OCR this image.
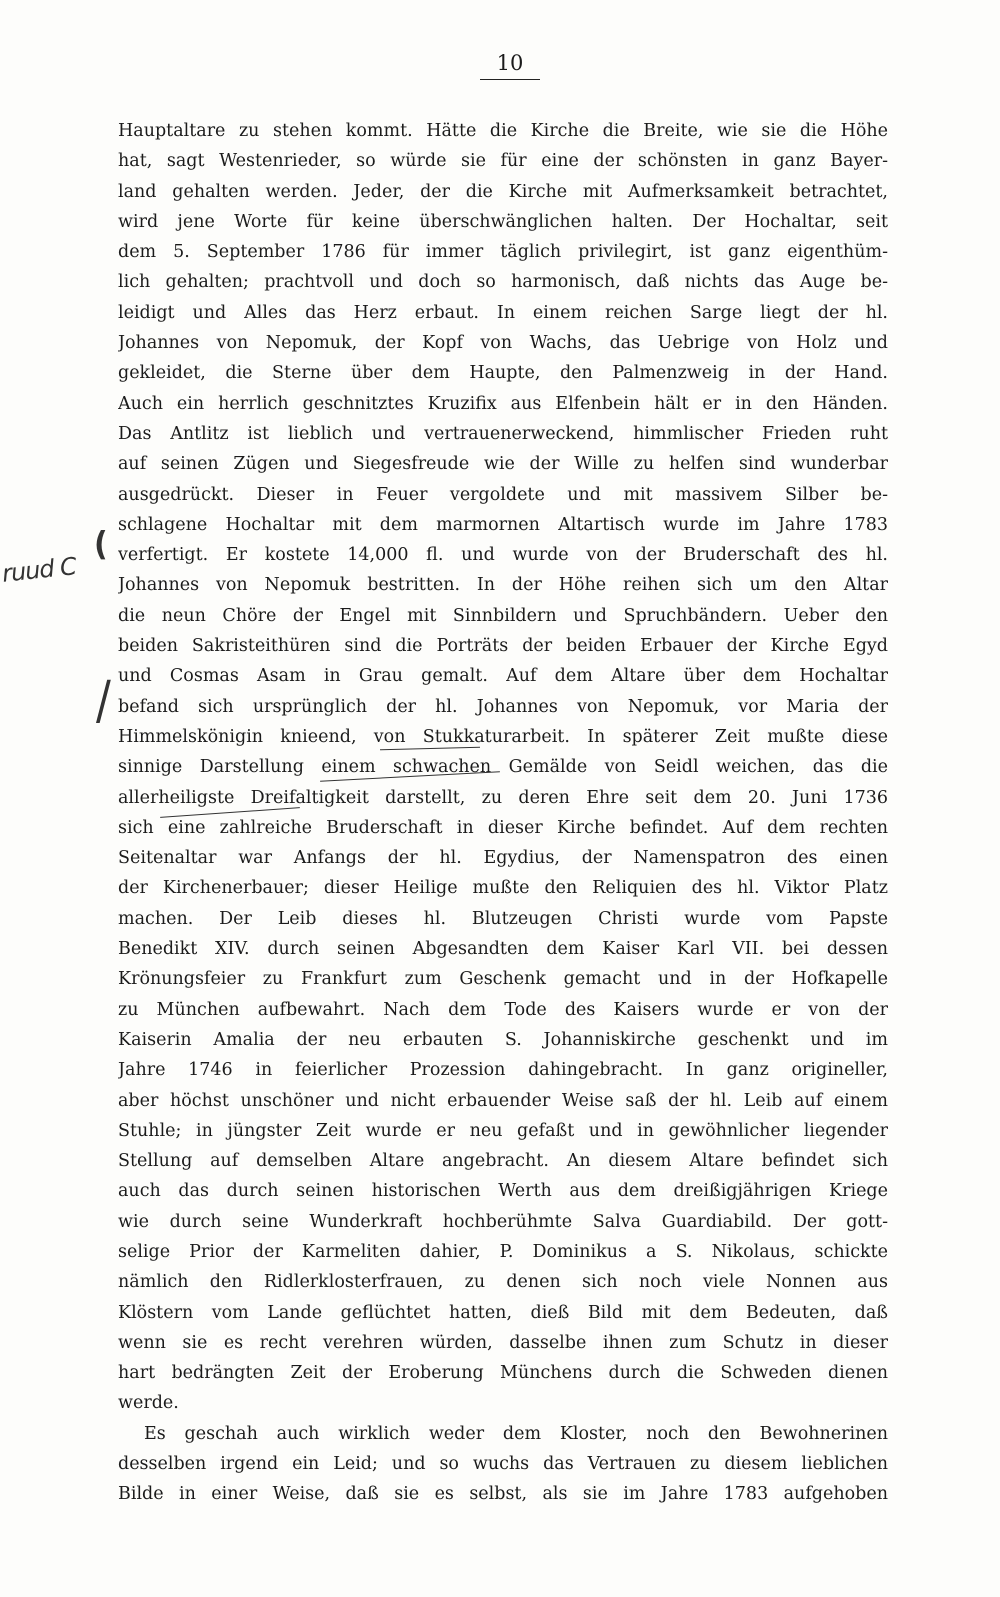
10
Hauptaltare zu stehen kommt. Hätte die Kirche die Breite, wie sie die Höhe
hat, sagt Westenrieder, so würde sie für eine der schönsten in ganz Bayer-
land gehalten werden. Jeder, der die Kirche mit Aufmerksamkeit betrachtet,
wird jene Worte für keine überschwänglichen halten. Der Hochaltar, seit
dem 5. September 1786 für immer täglich privilegirt, ist ganz eigenthüm-
lich gehalten; prachtvoll und doch so harmonisch, daß nichts das Auge be-
leidigt und Alles das Herz erbaut. In einem reichen Sarge liegt der hl.
Johannes von Nepomuk, der Kopf von Wachs, das Uebrige von Holz und
gekleidet, die Sterne über dem Haupte, den Palmenzweig in der Hand.
Auch ein herrlich geschnitztes Kruzifix aus Elfenbein hält er in den Händen.
Das Antlitz ist lieblich und vertrauenerweckend, himmlischer Frieden ruht
auf seinen Zügen und Siegesfreude wie der Wille zu helfen sind wunderbar
ausgedrückt. Dieser in Feuer vergoldete und mit massivem Silber be-
schlagene Hochaltar mit dem marmornen Altartisch wurde im Jahre 1783
verfertigt. Er kostete 14,000 fl. und wurde von der Bruderschaft des hl.
Johannes von Nepomuk bestritten. In der Höhe reihen sich um den Altar
die neun Chöre der Engel mit Sinnbildern und Spruchbändern. Ueber den
beiden Sakristeithüren sind die Porträts der beiden Erbauer der Kirche Egyd
und Cosmas Asam in Grau gemalt. Auf dem Altare über dem Hochaltar
befand sich ursprünglich der hl. Johannes von Nepomuk, vor Maria der
Himmelskönigin knieend, von Stukkaturarbeit. In späterer Zeit mußte diese
sinnige Darstellung einem schwachen Gemälde von Seidl weichen, das die
allerheiligste Dreifaltigkeit darstellt, zu deren Ehre seit dem 20. Juni 1736
sich eine zahlreiche Bruderschaft in dieser Kirche befindet. Auf dem rechten
Seitenaltar war Anfangs der hl. Egydius, der Namenspatron des einen
der Kirchenerbauer; dieser Heilige mußte den Reliquien des hl. Viktor Platz
machen. Der Leib dieses hl. Blutzeugen Christi wurde vom Papste
Benedikt XIV. durch seinen Abgesandten dem Kaiser Karl VII. bei dessen
Krönungsfeier zu Frankfurt zum Geschenk gemacht und in der Hofkapelle
zu München aufbewahrt. Nach dem Tode des Kaisers wurde er von der
Kaiserin Amalia der neu erbauten S. Johanniskirche geschenkt und im
Jahre 1746 in feierlicher Prozession dahingebracht. In ganz origineller,
aber höchst unschöner und nicht erbauender Weise saß der hl. Leib auf einem
Stuhle; in jüngster Zeit wurde er neu gefaßt und in gewöhnlicher liegender
Stellung auf demselben Altare angebracht. An diesem Altare befindet sich
auch das durch seinen historischen Werth aus dem dreißigjährigen Kriege
wie durch seine Wunderkraft hochberühmte Salva Guardiabild. Der gott-
selige Prior der Karmeliten dahier, P. Dominikus a S. Nikolaus, schickte
nämlich den Ridlerklosterfrauen, zu denen sich noch viele Nonnen aus
Klöstern vom Lande geflüchtet hatten, dieß Bild mit dem Bedeuten, daß
wenn sie es recht verehren würden, dasselbe ihnen zum Schutz in dieser
hart bedrängten Zeit der Eroberung Münchens durch die Schweden dienen
werde.
Es geschah auch wirklich weder dem Kloster, noch den Bewohnerinen
desselben irgend ein Leid; und so wuchs das Vertrauen zu diesem lieblichen
Bilde in einer Weise, daß sie es selbst, als sie im Jahre 1783 aufgehoben
(
ruud C
/
